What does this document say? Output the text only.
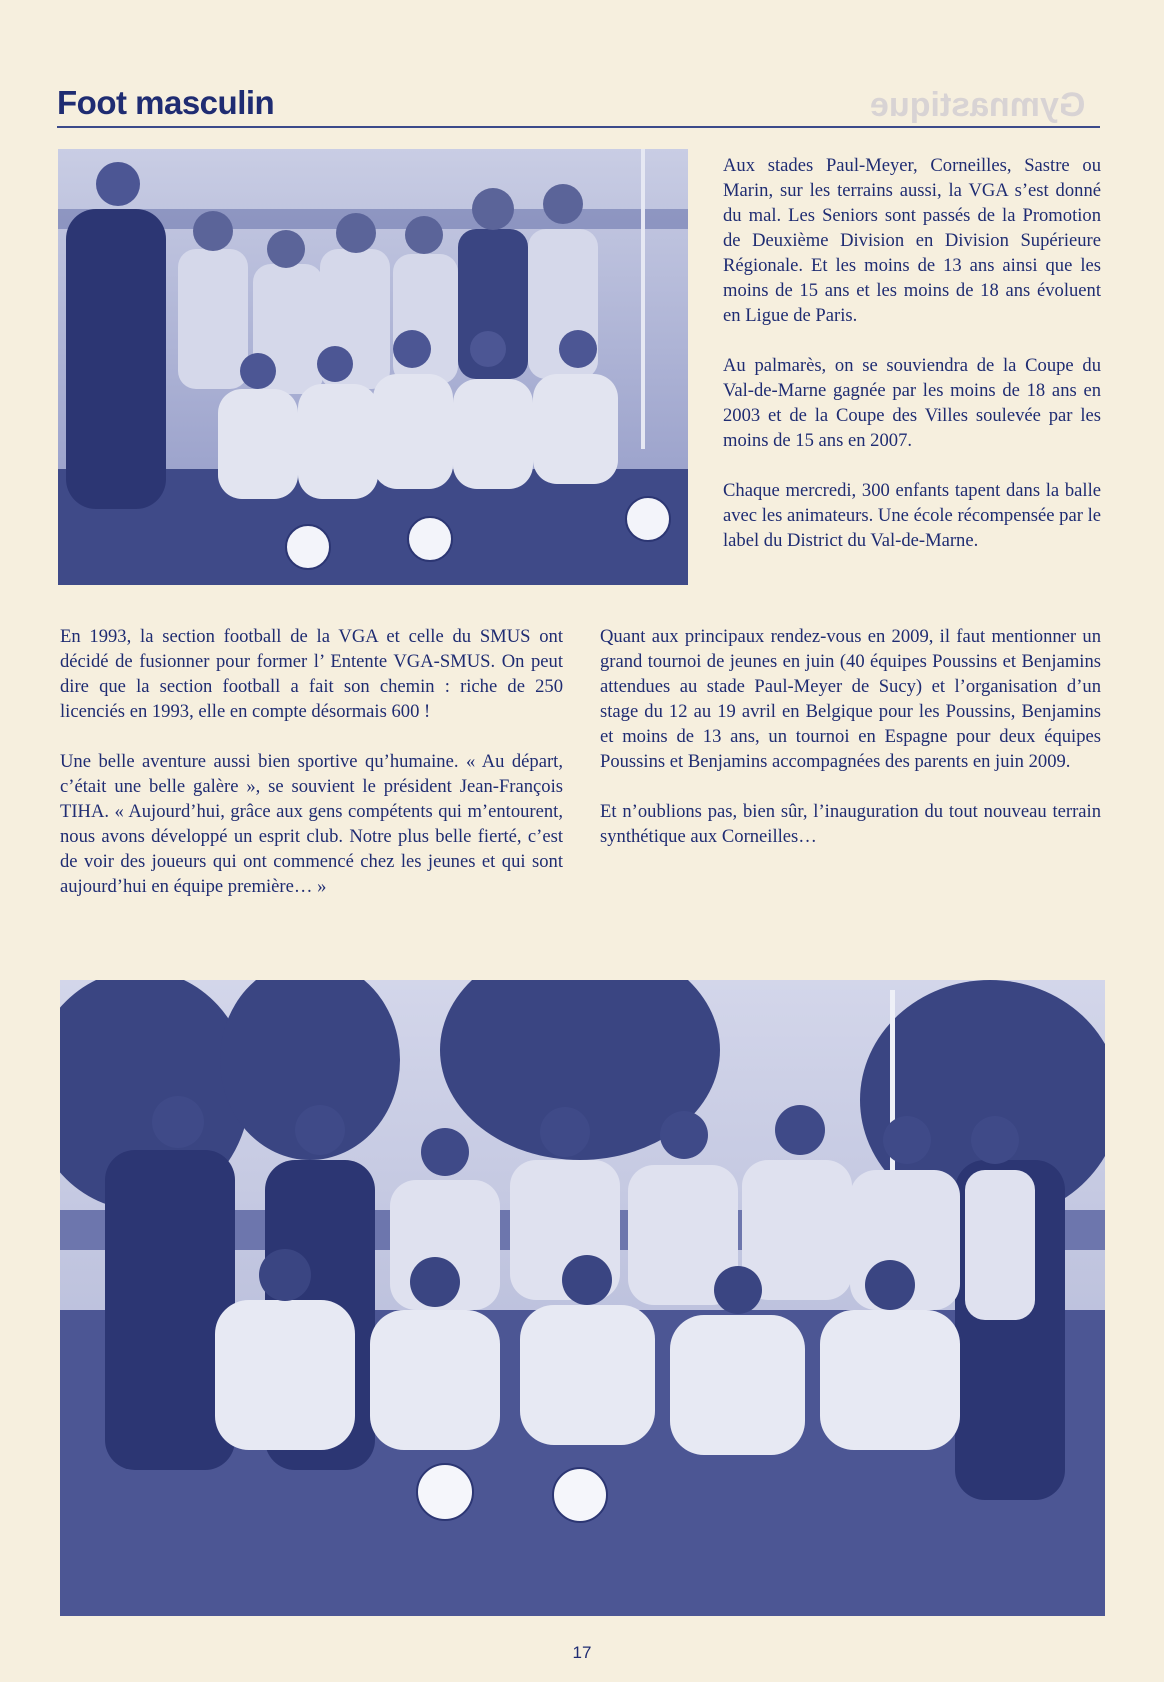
Gymnastique
Foot masculin

Aux stades Paul-Meyer, Corneilles, Sastre ou Marin, sur les terrains aussi, la VGA s’est donné du mal. Les Seniors sont passés de la Promotion de Deuxième Division en Division Supérieure Régionale. Et les moins de 13 ans ainsi que les moins de 15 ans et les moins de 18 ans évoluent en Ligue de Paris.

Au palmarès, on se souviendra de la Coupe du Val-de-Marne gagnée par les moins de 18 ans en 2003 et de la Coupe des Villes soulevée par les moins de 15 ans en 2007.

Chaque mercredi, 300 enfants tapent dans la balle avec les animateurs. Une école récompensée par le label du District du Val-de-Marne.

En 1993, la section football de la VGA et celle du SMUS ont décidé de fusionner pour former l’ Entente VGA-SMUS. On peut dire que la section football a fait son chemin : riche de 250 licenciés en 1993, elle en compte désormais 600 !

Une belle aventure aussi bien sportive qu’humaine. « Au départ, c’était une belle galère », se souvient le président Jean-François TIHA. « Aujourd’hui, grâce aux gens compétents qui m’entourent, nous avons développé un esprit club. Notre plus belle fierté, c’est de voir des joueurs qui ont commencé chez les jeunes et qui sont aujourd’hui en équipe première… »

Quant aux principaux rendez-vous en 2009, il faut mentionner un grand tournoi de jeunes en juin (40 équipes Poussins et Benjamins attendues au stade Paul-Meyer de Sucy) et l’organisation d’un stage du 12 au 19 avril en Belgique pour les Poussins, Benjamins et moins de 13 ans, un tournoi en Espagne pour deux équipes Poussins et Benjamins accompagnées des parents en juin 2009.

Et n’oublions pas, bien sûr, l’inauguration du tout nouveau terrain synthétique aux Corneilles…

17
